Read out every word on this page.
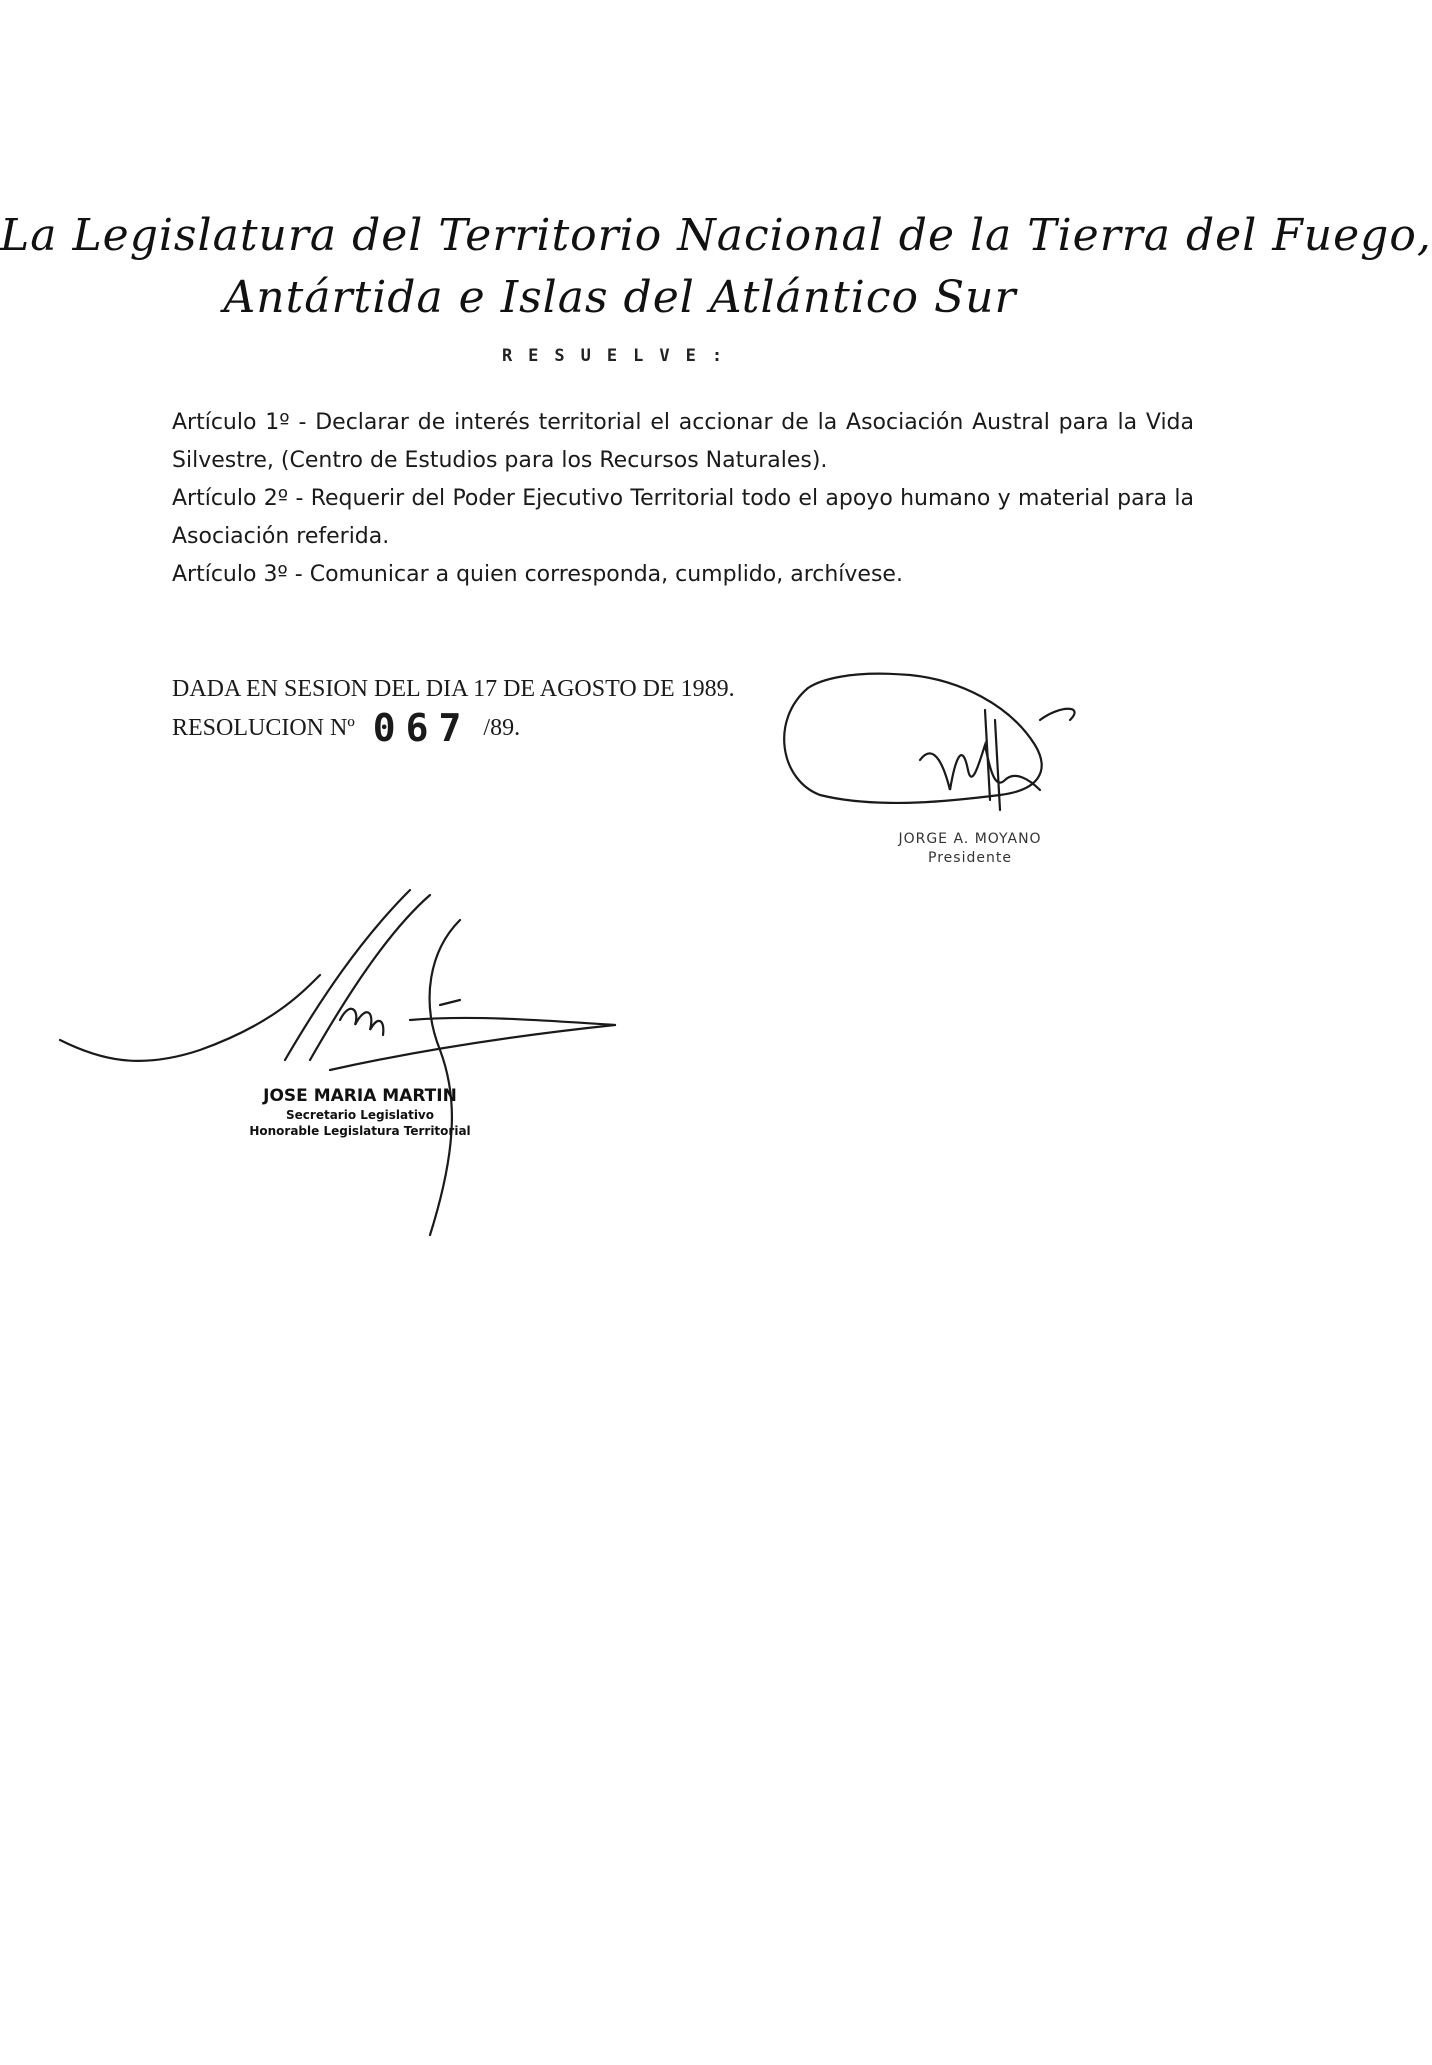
La Legislatura del Territorio Nacional de la Tierra del Fuego,
Antártida e Islas del Atlántico Sur
RESUELVE:

Artículo 1º - Declarar de interés territorial el accionar de la Asociación Austral para la Vida Silvestre, (Centro de Estudios para los Recursos Naturales).

Artículo 2º - Requerir del Poder Ejecutivo Territorial todo el apoyo humano y material para la Asociación referida.

Artículo 3º - Comunicar a quien corresponda, cumplido, archívese.

DADA EN SESION DEL DIA 17 DE AGOSTO DE 1989.
RESOLUCION Nº 067 /89.
JORGE A. MOYANO
Presidente
JOSE MARIA MARTIN
Secretario Legislativo
Honorable Legislatura Territorial
